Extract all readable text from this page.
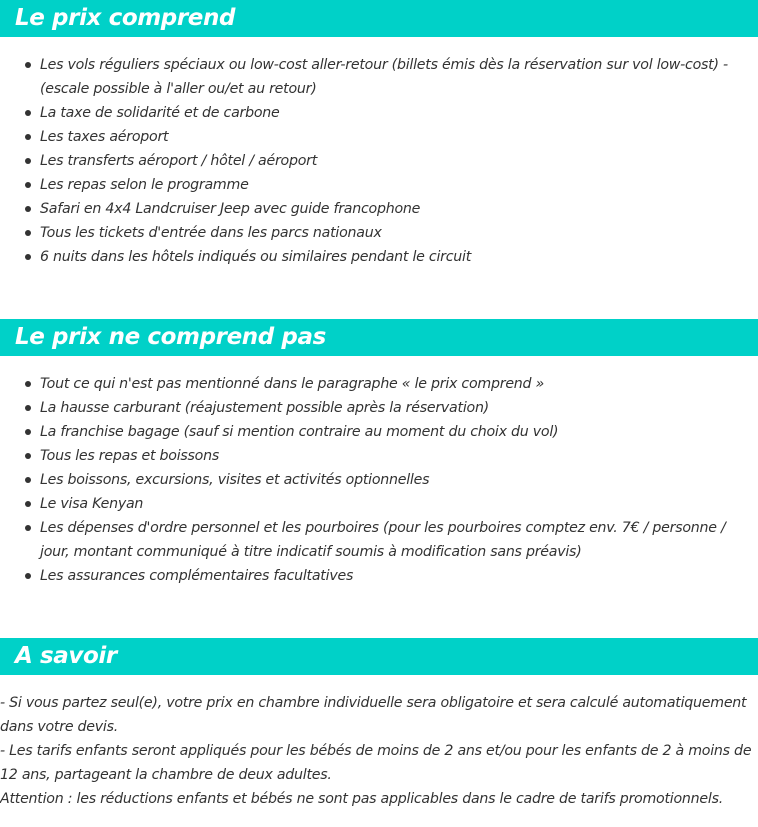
Le prix comprend
Les vols réguliers spéciaux ou low-cost aller-retour (billets émis dès la réservation sur vol low-cost) - (escale possible à l'aller ou/et au retour)
La taxe de solidarité et de carbone
Les taxes aéroport
Les transferts aéroport / hôtel / aéroport
Les repas selon le programme
Safari en 4x4 Landcruiser Jeep avec guide francophone
Tous les tickets d'entrée dans les parcs nationaux
6 nuits dans les hôtels indiqués ou similaires pendant le circuit
Le prix ne comprend pas
Tout ce qui n'est pas mentionné dans le paragraphe « le prix comprend »
La hausse carburant (réajustement possible après la réservation)
La franchise bagage (sauf si mention contraire au moment du choix du vol)
Tous les repas et boissons
Les boissons, excursions, visites et activités optionnelles
Le visa Kenyan
Les dépenses d'ordre personnel et les pourboires (pour les pourboires comptez env. 7€ / personne / jour, montant communiqué à titre indicatif soumis à modification sans préavis)
Les assurances complémentaires facultatives
A savoir

- Si vous partez seul(e), votre prix en chambre individuelle sera obligatoire et sera calculé automatiquement dans votre devis.

- Les tarifs enfants seront appliqués pour les bébés de moins de 2 ans et/ou pour les enfants de 2 à moins de 12 ans, partageant la chambre de deux adultes.

Attention : les réductions enfants et bébés ne sont pas applicables dans le cadre de tarifs promotionnels.
